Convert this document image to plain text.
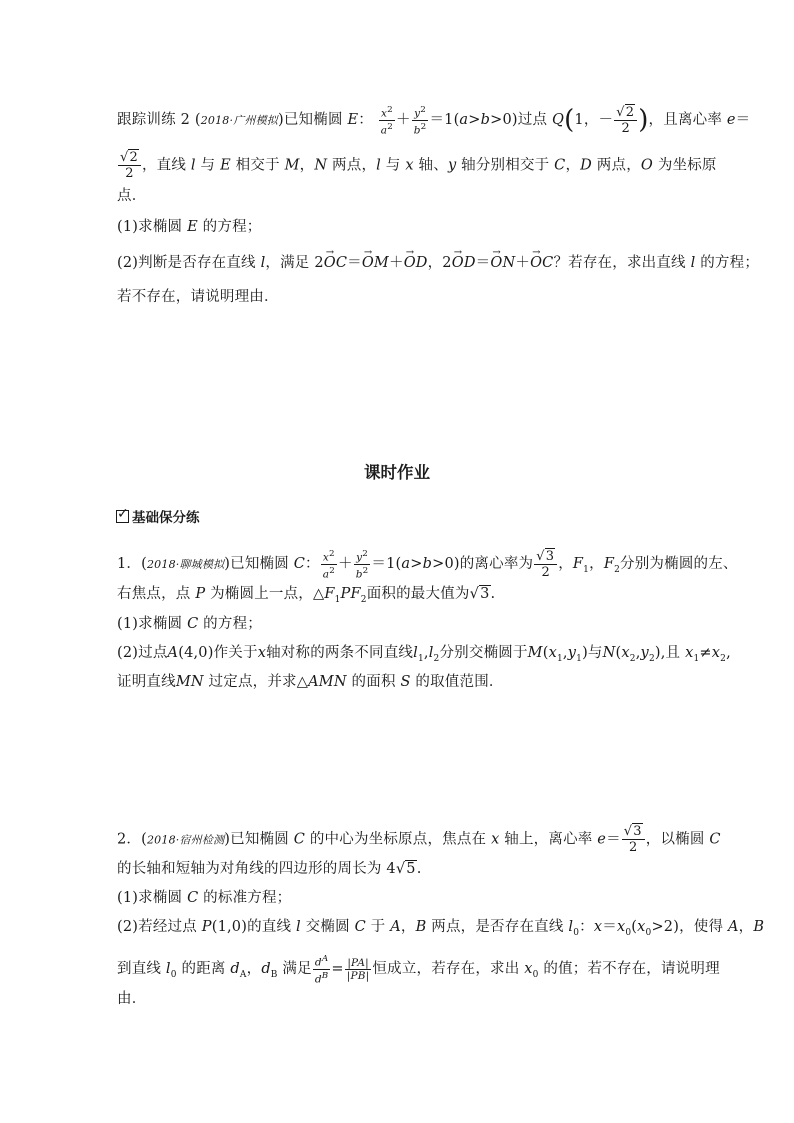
跟踪训练 2 (2018·广州模拟)已知椭圆 E： $\frac{x^2}{a^2} + \frac{y^2}{b^2} =1(a>b>0)$过点 Q(1，－ $\frac{√2}{2}$ )，且离心率 e＝
$\frac{√2}{2}$ ，直线 l 与 E 相交于 M，N 两点，l 与 x 轴、y 轴分别相交于 C，D 两点，O 为坐标原
点．
(1)求椭圆 E 的方程；
(2)判断是否存在直线 l，满足 2→ OC＝→ OM＋→ OD，2→ OD＝→ ON＋→ OC？若存在，求出直线 l 的方程；
若不存在，请说明理由．
课时作业
✓基础保分练
1．(2018·聊城模拟)已知椭圆 C： $\frac{x^2}{a^2} + \frac{y^2}{b^2} =1(a>b>0)$的离心率为 $\frac{√3}{2}$ ，$F_1$，$F_2$分别为椭圆的左、
右焦点，点 P 为椭圆上一点，$\triangle F_1PF_2$面积的最大值为√3.
(1)求椭圆 C 的方程；
(2)过点A(4,0)作关于x轴对称的两条不同直线$l_1,l_2$分别交椭圆于$M(x_1,y_1)$与$N(x_2,y_2)$,且 $x_1\ne x_2$,
证明直线MN 过定点，并求△AMN 的面积 S 的取值范围．
2．(2018·宿州检测)已知椭圆 C 的中心为坐标原点，焦点在 x 轴上，离心率 $e= \frac{√3}{2}$ ，以椭圆 C
的长轴和短轴为对角线的四边形的周长为 4√5.
(1)求椭圆 C 的标准方程；
(2)若经过点 P(1,0)的直线 l 交椭圆 C 于 A，B 两点，是否存在直线 $l_0$：$x=x_0(x_0>2)$，使得 A，B
到直线 $l_0$ 的距离 $d_A$，$d_B$ 满足 $\frac{d^A}{d^B} = \frac{|PA|}{|PB|}$ 恒成立，若存在，求出 $x_0$ 的值；若不存在，请说明理
由．
